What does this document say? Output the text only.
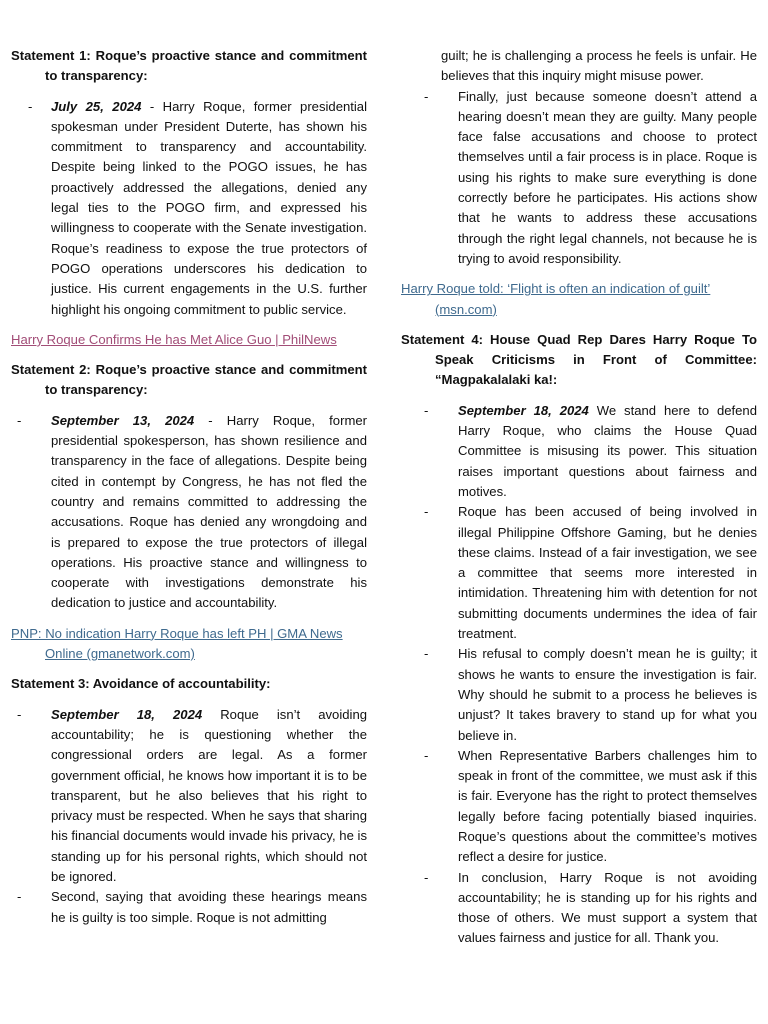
Statement 1: Roque’s proactive stance and commitment to transparency:

- July 25, 2024 - Harry Roque, former presidential spokesman under President Duterte, has shown his commitment to transparency and accountability. Despite being linked to the POGO issues, he has proactively addressed the allegations, denied any legal ties to the POGO firm, and expressed his willingness to cooperate with the Senate investigation. Roque’s readiness to expose the true protectors of POGO operations underscores his dedication to justice. His current engagements in the U.S. further highlight his ongoing commitment to public service.

Harry Roque Confirms He has Met Alice Guo | PhilNews

Statement 2: Roque’s proactive stance and commitment to transparency:

- September 13, 2024 - Harry Roque, former presidential spokesperson, has shown resilience and transparency in the face of allegations. Despite being cited in contempt by Congress, he has not fled the country and remains committed to addressing the accusations. Roque has denied any wrongdoing and is prepared to expose the true protectors of illegal operations. His proactive stance and willingness to cooperate with investigations demonstrate his dedication to justice and accountability.

PNP: No indication Harry Roque has left PH | GMA News Online (gmanetwork.com)

Statement 3: Avoidance of accountability:

- September 18, 2024 Roque isn’t avoiding accountability; he is questioning whether the congressional orders are legal. As a former government official, he knows how important it is to be transparent, but he also believes that his right to privacy must be respected. When he says that sharing his financial documents would invade his privacy, he is standing up for his personal rights, which should not be ignored.
- Second, saying that avoiding these hearings means he is guilty is too simple. Roque is not admitting
guilt; he is challenging a process he feels is unfair. He believes that this inquiry might misuse power.
- Finally, just because someone doesn’t attend a hearing doesn’t mean they are guilty. Many people face false accusations and choose to protect themselves until a fair process is in place. Roque is using his rights to make sure everything is done correctly before he participates. His actions show that he wants to address these accusations through the right legal channels, not because he is trying to avoid responsibility.

Harry Roque told: ‘Flight is often an indication of guilt’ (msn.com)

Statement 4: House Quad Rep Dares Harry Roque To Speak Criticisms in Front of Committee: “Magpakalalaki ka!:

- September 18, 2024 We stand here to defend Harry Roque, who claims the House Quad Committee is misusing its power. This situation raises important questions about fairness and motives.
- Roque has been accused of being involved in illegal Philippine Offshore Gaming, but he denies these claims. Instead of a fair investigation, we see a committee that seems more interested in intimidation. Threatening him with detention for not submitting documents undermines the idea of fair treatment.
- His refusal to comply doesn’t mean he is guilty; it shows he wants to ensure the investigation is fair. Why should he submit to a process he believes is unjust? It takes bravery to stand up for what you believe in.
- When Representative Barbers challenges him to speak in front of the committee, we must ask if this is fair. Everyone has the right to protect themselves legally before facing potentially biased inquiries. Roque’s questions about the committee’s motives reflect a desire for justice.
- In conclusion, Harry Roque is not avoiding accountability; he is standing up for his rights and those of others. We must support a system that values fairness and justice for all. Thank you.
